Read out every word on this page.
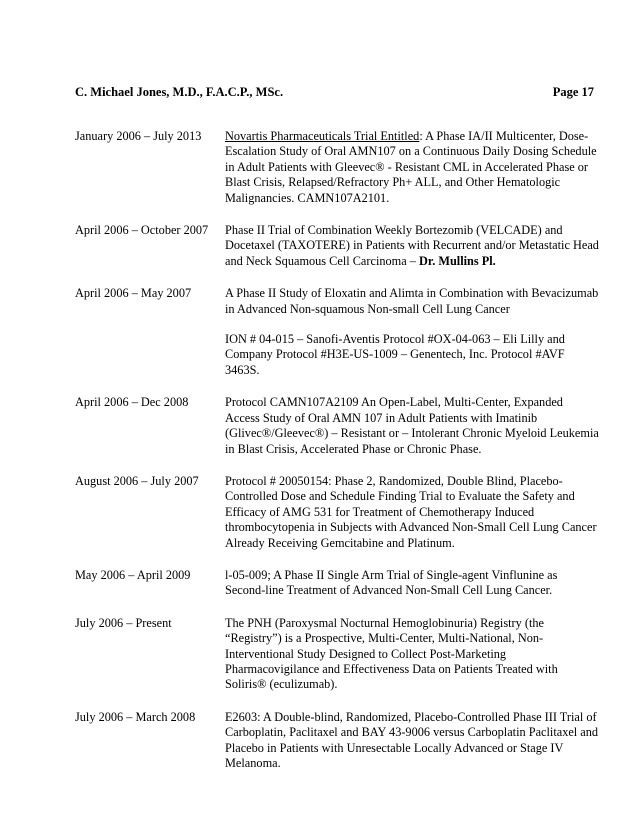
C. Michael Jones, M.D., F.A.C.P., MSc.	Page 17
January 2006 – July 2013	Novartis Pharmaceuticals Trial Entitled: A Phase IA/II Multicenter, Dose-Escalation Study of Oral AMN107 on a Continuous Daily Dosing Schedule in Adult Patients with Gleevec® - Resistant CML in Accelerated Phase or Blast Crisis, Relapsed/Refractory Ph+ ALL, and Other Hematologic Malignancies. CAMN107A2101.

April 2006 – October 2007	Phase II Trial of Combination Weekly Bortezomib (VELCADE) and Docetaxel (TAXOTERE) in Patients with Recurrent and/or Metastatic Head and Neck Squamous Cell Carcinoma – Dr. Mullins Pl.

April 2006 – May 2007	A Phase II Study of Eloxatin and Alimta in Combination with Bevacizumab in Advanced Non-squamous Non-small Cell Lung Cancer

ION # 04-015 – Sanofi-Aventis Protocol #OX-04-063 – Eli Lilly and Company Protocol #H3E-US-1009 – Genentech, Inc. Protocol #AVF 3463S.

April 2006 – Dec 2008	Protocol CAMN107A2109 An Open-Label, Multi-Center, Expanded Access Study of Oral AMN 107 in Adult Patients with Imatinib (Glivec®/Gleevec®) – Resistant or – Intolerant Chronic Myeloid Leukemia in Blast Crisis, Accelerated Phase or Chronic Phase.

August 2006 – July 2007	Protocol # 20050154: Phase 2, Randomized, Double Blind, Placebo-Controlled Dose and Schedule Finding Trial to Evaluate the Safety and Efficacy of AMG 531 for Treatment of Chemotherapy Induced thrombocytopenia in Subjects with Advanced Non-Small Cell Lung Cancer Already Receiving Gemcitabine and Platinum.

May 2006 – April 2009	l-05-009; A Phase II Single Arm Trial of Single-agent Vinflunine as Second-line Treatment of Advanced Non-Small Cell Lung Cancer.

July 2006 – Present	The PNH (Paroxysmal Nocturnal Hemoglobinuria) Registry (the “Registry”) is a Prospective, Multi-Center, Multi-National, Non-Interventional Study Designed to Collect Post-Marketing Pharmacovigilance and Effectiveness Data on Patients Treated with Soliris® (eculizumab).

July 2006 – March 2008	E2603: A Double-blind, Randomized, Placebo-Controlled Phase III Trial of Carboplatin, Paclitaxel and BAY 43-9006 versus Carboplatin Paclitaxel and Placebo in Patients with Unresectable Locally Advanced or Stage IV Melanoma.
